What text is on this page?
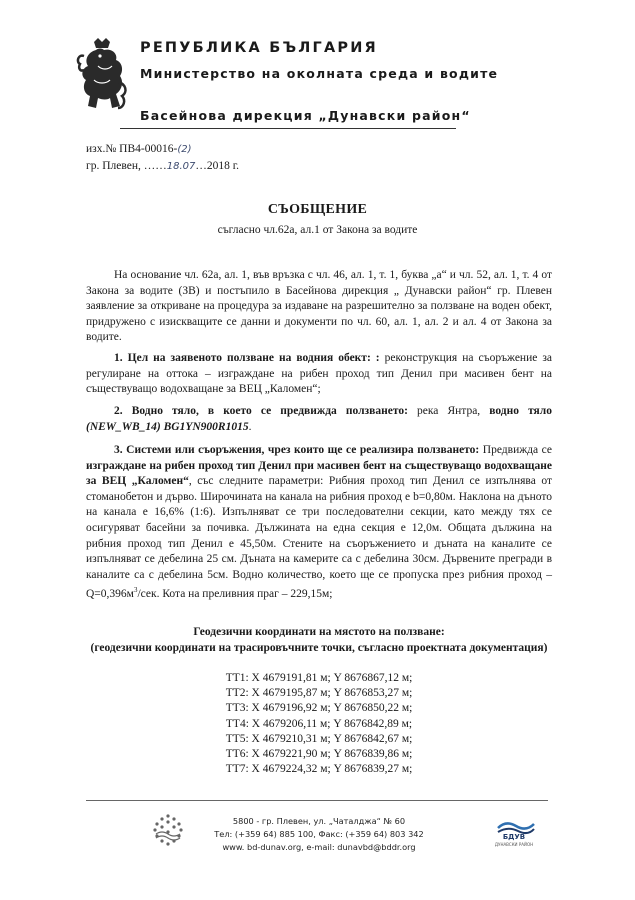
РЕПУБЛИКА БЪЛГАРИЯ
Министерство на околната среда и водите
Басейнова дирекция „Дунавски район“
изх.№ ПВ4-00016-(2)
гр. Плевен, ……18.07…2018 г.
СЪОБЩЕНИЕ
съгласно чл.62а, ал.1 от Закона за водите
На основание чл. 62а, ал. 1, във връзка с чл. 46, ал. 1, т. 1, буква „а“ и чл. 52, ал. 1, т. 4 от Закона за водите (ЗВ) и постъпило в Басейнова дирекция „ Дунавски район“ гр. Плевен заявление за откриване на процедура за издаване на разрешително за ползване на воден обект, придружено с изискващите се данни и документи по чл. 60, ал. 1, ал. 2 и ал. 4 от Закона за водите.
1. Цел на заявеното ползване на водния обект: : реконструкция на съоръжение за регулиране на оттока – изграждане на рибен проход тип Денил при масивен бент на съществуващо водохващане за ВЕЦ „Каломен“;
2. Водно тяло, в което се предвижда ползването: река Янтра, водно тяло (NEW_WB_14) BG1YN900R1015.
3. Системи или съоръжения, чрез които ще се реализира ползването: Предвижда се изграждане на рибен проход тип Денил при масивен бент на съществуващо водохващане за ВЕЦ „Каломен“, със следните параметри: Рибния проход тип Денил се изпълнява от стоманобетон и дърво. Широчината на канала на рибния проход е b=0,80м. Наклона на дъното на канала е 16,6% (1:6). Изпълняват се три последователни секции, като между тях се осигуряват басейни за почивка. Дължината на една секция е 12,0м. Общата дължина на рибния проход тип Денил е 45,50м. Стените на съоръжението и дъната на каналите се изпълняват се дебелина 25 см. Дъната на камерите са с дебелина 30см. Дървените прегради в каналите са с дебелина 5см. Водно количество, което ще се пропуска през рибния проход – $Q=0,396м^3$/сек. Кота на преливния праг – 229,15м;
Геодезични координати на мястото на ползване:
(геодезични координати на трасировъчните точки, съгласно проектната документация)
ТТ1: X 4679191,81 м; Y 8676867,12 м;
ТТ2: X 4679195,87 м; Y 8676853,27 м;
ТТ3: X 4679196,92 м; Y 8676850,22 м;
ТТ4: X 4679206,11 м; Y 8676842,89 м;
ТТ5: X 4679210,31 м; Y 8676842,67 м;
ТТ6: X 4679221,90 м; Y 8676839,86 м;
ТТ7: X 4679224,32 м; Y 8676839,27 м;
5800 - гр. Плевен, ул. „Чаталджа“ № 60
Тел: (+359 64) 885 100, Факс: (+359 64) 803 342
www. bd-dunav.org, e-mail: dunavbd@bddr.org
БДУВ
ДУНАВСКИ РАЙОН
